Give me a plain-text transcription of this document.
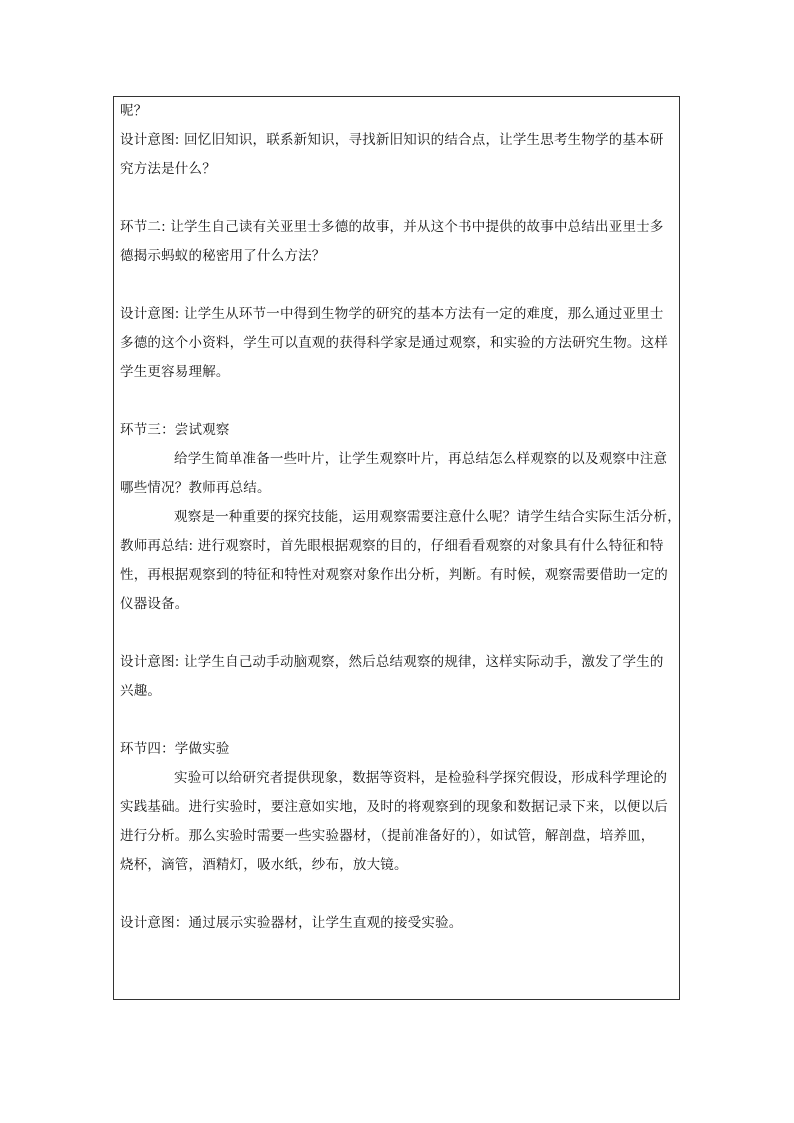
呢？
设计意图: 回忆旧知识，联系新知识，寻找新旧知识的结合点，让学生思考生物学的基本研
究方法是什么？
环节二: 让学生自己读有关亚里士多德的故事，并从这个书中提供的故事中总结出亚里士多
德揭示蚂蚁的秘密用了什么方法？
设计意图: 让学生从环节一中得到生物学的研究的基本方法有一定的难度，那么通过亚里士
多德的这个小资料，学生可以直观的获得科学家是通过观察，和实验的方法研究生物。这样
学生更容易理解。
环节三：尝试观察
给学生简单准备一些叶片，让学生观察叶片，再总结怎么样观察的以及观察中注意
哪些情况？教师再总结。
观察是一种重要的探究技能，运用观察需要注意什么呢？请学生结合实际生活分析，
教师再总结: 进行观察时，首先眼根据观察的目的，仔细看看观察的对象具有什么特征和特
性，再根据观察到的特征和特性对观察对象作出分析，判断。有时候，观察需要借助一定的
仪器设备。
设计意图: 让学生自己动手动脑观察，然后总结观察的规律，这样实际动手，激发了学生的
兴趣。
环节四：学做实验
实验可以给研究者提供现象，数据等资料，是检验科学探究假设，形成科学理论的
实践基础。进行实验时，要注意如实地，及时的将观察到的现象和数据记录下来，以便以后
进行分析。那么实验时需要一些实验器材，（提前准备好的），如试管，解剖盘，培养皿，
烧杯，滴管，酒精灯，吸水纸，纱布，放大镜。
设计意图：通过展示实验器材，让学生直观的接受实验。
